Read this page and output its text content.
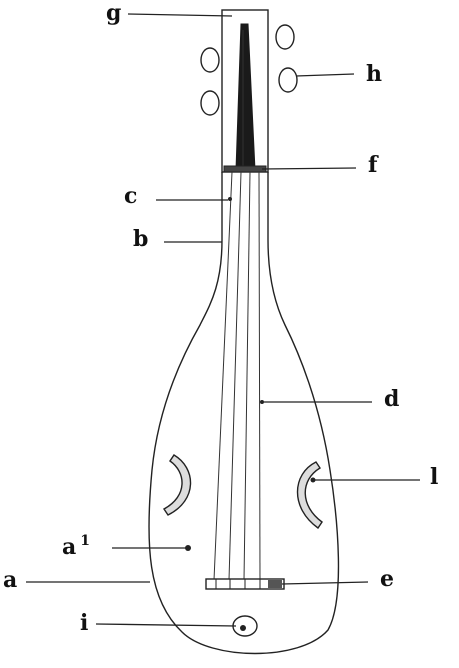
g
h
f
c
b
d
l
a $^1$
a	e
i
